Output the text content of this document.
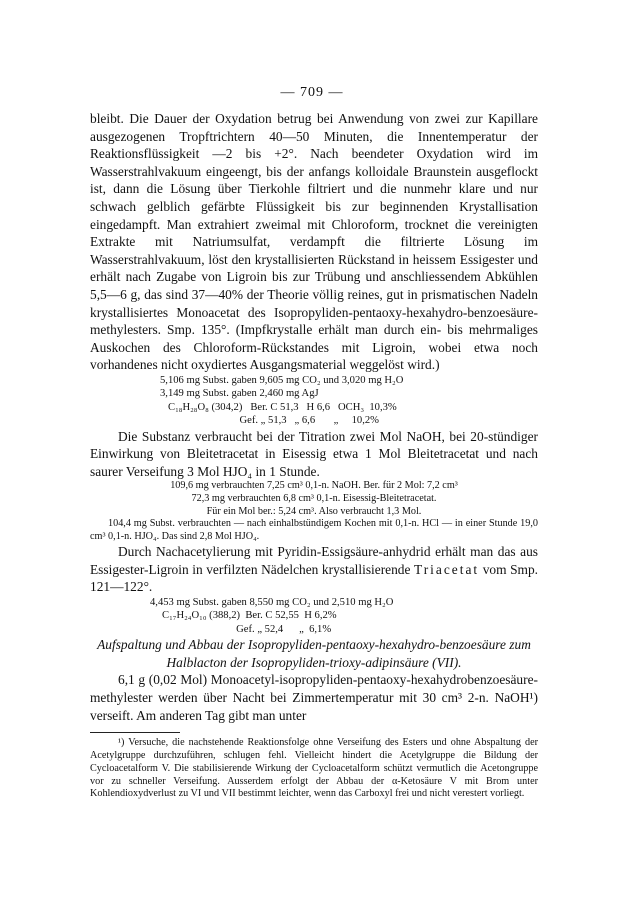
— 709 —

bleibt. Die Dauer der Oxydation betrug bei Anwendung von zwei zur Kapillare ausgezogenen Tropftrichtern 40—50 Minuten, die Innentemperatur der Reaktionsflüssigkeit —2 bis +2°. Nach beendeter Oxydation wird im Wasserstrahlvakuum eingeengt, bis der anfangs kolloidale Braunstein ausgeflockt ist, dann die Lösung über Tierkohle filtriert und die nunmehr klare und nur schwach gelblich gefärbte Flüssigkeit bis zur beginnenden Krystallisation eingedampft. Man extrahiert zweimal mit Chloroform, trocknet die vereinigten Extrakte mit Natriumsulfat, verdampft die filtrierte Lösung im Wasserstrahlvakuum, löst den krystallisierten Rückstand in heissem Essigester und erhält nach Zugabe von Ligroin bis zur Trübung und anschliessendem Abkühlen 5,5—6 g, das sind 37—40% der Theorie völlig reines, gut in prismatischen Nadeln krystallisiertes Monoacetat des Isopropyliden-pentaoxy-hexahydro-benzoesäure-methylesters. Smp. 135°. (Impfkrystalle erhält man durch ein- bis mehrmaliges Auskochen des Chloroform-Rückstandes mit Ligroin, wobei etwa noch vorhandenes nicht oxydiertes Ausgangsmaterial weggelöst wird.)

5,106 mg Subst. gaben 9,605 mg CO₂ und 3,020 mg H₂O
3,149 mg Subst. gaben 2,460 mg AgJ
C₁₈H₂₈O₈ (304,2)   Ber. C 51,3   H 6,6   OCH₃  10,3%
Gef. „ 51,3   „ 6,6       „     10,2%

Die Substanz verbraucht bei der Titration zwei Mol NaOH, bei 20-stündiger Einwirkung von Bleitetracetat in Eisessig etwa 1 Mol Bleitetracetat und nach saurer Verseifung 3 Mol HJO₄ in 1 Stunde.

109,6 mg verbrauchten 7,25 cm³ 0,1-n. NaOH. Ber. für 2 Mol: 7,2 cm³

72,3 mg verbrauchten 6,8 cm³ 0,1-n. Eisessig-Bleitetracetat.

Für ein Mol ber.: 5,24 cm³. Also verbraucht 1,3 Mol.

104,4 mg Subst. verbrauchten — nach einhalbstündigem Kochen mit 0,1-n. HCl — in einer Stunde 19,0 cm³ 0,1-n. HJO₄. Das sind 2,8 Mol HJO₄.

Durch Nachacetylierung mit Pyridin-Essigsäure-anhydrid erhält man das aus Essigester-Ligroin in verfilzten Nädelchen krystallisierende Triacetat vom Smp. 121—122°.

4,453 mg Subst. gaben 8,550 mg CO₂ und 2,510 mg H₂O
C₁₇H₂₄O₁₀ (388,2)  Ber. C 52,55  H 6,2%
Gef. „ 52,4      „  6,1%

Aufspaltung und Abbau der Isopropyliden-pentaoxy-hexahydro-benzoesäure zum Halblacton der Isopropyliden-trioxy-adipinsäure (VII).

6,1 g (0,02 Mol) Monoacetyl-isopropyliden-pentaoxy-hexahydrobenzoesäure-methylester werden über Nacht bei Zimmertemperatur mit 30 cm³ 2-n. NaOH¹) verseift. Am anderen Tag gibt man unter

¹) Versuche, die nachstehende Reaktionsfolge ohne Verseifung des Esters und ohne Abspaltung der Acetylgruppe durchzuführen, schlugen fehl. Vielleicht hindert die Acetylgruppe die Bildung der Cycloacetalform V. Die stabilisierende Wirkung der Cycloacetalform schützt vermutlich die Acetongruppe vor zu schneller Verseifung. Ausserdem erfolgt der Abbau der α-Ketosäure V mit Brom unter Kohlendioxydverlust zu VI und VII bestimmt leichter, wenn das Carboxyl frei und nicht verestert vorliegt.
